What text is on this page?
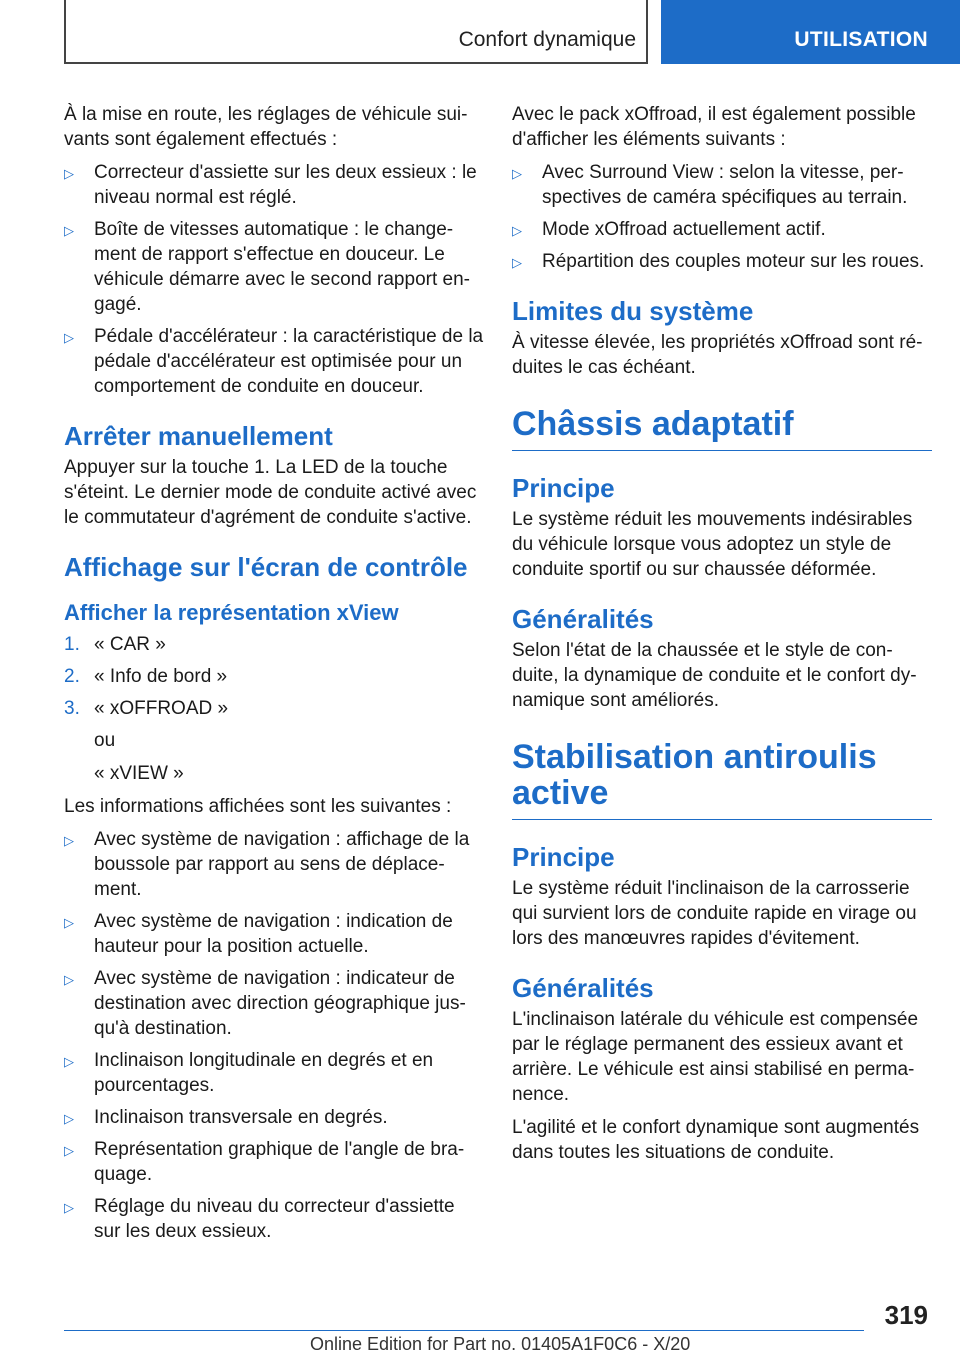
Confort dynamique	UTILISATION

À la mise en route, les réglages de véhicule sui-vants sont également effectués :

▷ Correcteur d'assiette sur les deux essieux : le niveau normal est réglé.
▷ Boîte de vitesses automatique : le change-ment de rapport s'effectue en douceur. Le véhicule démarre avec le second rapport en-gagé.
▷ Pédale d'accélérateur : la caractéristique de la pédale d'accélérateur est optimisée pour un comportement de conduite en douceur.
Arrêter manuellement

Appuyer sur la touche 1. La LED de la touche s'éteint. Le dernier mode de conduite activé avec le commutateur d'agrément de conduite s'active.

Affichage sur l'écran de contrôle
Afficher la représentation xView
1. « CAR »
2. « Info de bord »
3. « xOFFROAD »

ou

« xVIEW »

Les informations affichées sont les suivantes :

▷ Avec système de navigation : affichage de la boussole par rapport au sens de déplace-ment.
▷ Avec système de navigation : indication de hauteur pour la position actuelle.
▷ Avec système de navigation : indicateur de destination avec direction géographique jus-qu'à destination.
▷ Inclinaison longitudinale en degrés et en pourcentages.
▷ Inclinaison transversale en degrés.
▷ Représentation graphique de l'angle de bra-quage.
▷ Réglage du niveau du correcteur d'assiette sur les deux essieux.

Avec le pack xOffroad, il est également possible d'afficher les éléments suivants :

▷ Avec Surround View : selon la vitesse, per-spectives de caméra spécifiques au terrain.
▷ Mode xOffroad actuellement actif.
▷ Répartition des couples moteur sur les roues.
Limites du système

À vitesse élevée, les propriétés xOffroad sont ré-duites le cas échéant.

Châssis adaptatif
Principe

Le système réduit les mouvements indésirables du véhicule lorsque vous adoptez un style de conduite sportif ou sur chaussée déformée.

Généralités

Selon l'état de la chaussée et le style de con-duite, la dynamique de conduite et le confort dy-namique sont améliorés.

Stabilisation antiroulis active
Principe

Le système réduit l'inclinaison de la carrosserie qui survient lors de conduite rapide en virage ou lors des manœuvres rapides d'évitement.

Généralités

L'inclinaison latérale du véhicule est compensée par le réglage permanent des essieux avant et arrière. Le véhicule est ainsi stabilisé en perma-nence.

L'agilité et le confort dynamique sont augmentés dans toutes les situations de conduite.

319
Online Edition for Part no. 01405A1F0C6 - X/20
